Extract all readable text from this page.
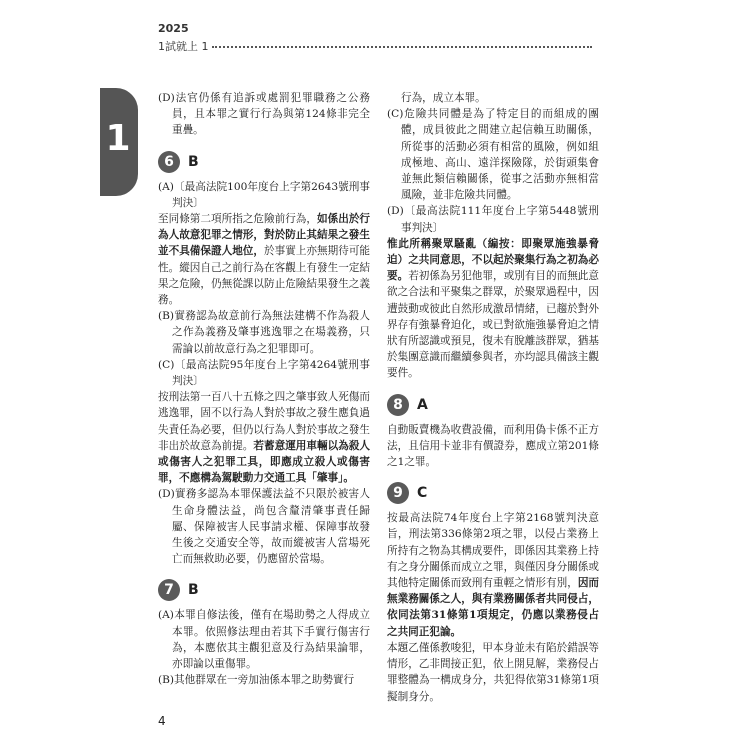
2025
1試就上 1
1

(D)法官仍係有追訴或處罰犯罪職務之公務員，且本罪之實行行為與第124條非完全重疊。

6	B

(A)〔最高法院100年度台上字第2643號刑事判決〕

至同條第二項所指之危險前行為，如係出於行為人故意犯罪之情形，對於防止其結果之發生並不具備保證人地位，於事實上亦無期待可能性。縱因自己之前行為在客觀上有發生一定結果之危險，仍無從課以防止危險結果發生之義務。

(B)實務認為故意前行為無法建構不作為殺人之作為義務及肇事逃逸罪之在場義務，只需論以前故意行為之犯罪即可。

(C)〔最高法院95年度台上字第4264號刑事判決〕

按刑法第一百八十五條之四之肇事致人死傷而逃逸罪，固不以行為人對於事故之發生應負過失責任為必要，但仍以行為人對於事故之發生非出於故意為前提。若蓄意運用車輛以為殺人或傷害人之犯罪工具，即應成立殺人或傷害罪，不應構為駕駛動力交通工具「肇事」。

(D)實務多認為本罪保護法益不只限於被害人生命身體法益，尚包含釐清肇事責任歸屬、保障被害人民事請求權、保障事故發生後之交通安全等，故而縱被害人當場死亡而無救助必要，仍應留於當場。

7	B

(A)本罪自修法後，僅有在場助勢之人得成立本罪。依照修法理由若其下手實行傷害行為，本應依其主觀犯意及行為結果論罪，亦即論以重傷罪。

(B)其他群眾在一旁加油係本罪之助勢實行

行為，成立本罪。

(C)危險共同體是為了特定目的而組成的團體，成員彼此之間建立起信賴互助關係，所從事的活動必須有相當的風險，例如組成極地、高山、遠洋探險隊，於街頭集會並無此類信賴關係，從事之活動亦無相當風險，並非危險共同體。

(D)〔最高法院111年度台上字第5448號刑事判決〕

惟此所稱聚眾騷亂（編按：即聚眾施強暴脅迫）之共同意思，不以起於聚集行為之初為必要。若初係為另犯他罪，或別有目的而無此意欲之合法和平聚集之群眾，於聚眾過程中，因遭鼓動或彼此自然形成激昂情緒，已趨於對外界存有強暴脅迫化，或已對欲施強暴脅迫之情狀有所認識或預見，復未有脫離該群眾，猶基於集團意識而繼續參與者，亦均認具備該主觀要件。

8	A

自動販賣機為收費設備，而利用偽卡係不正方法，且信用卡並非有價證券，應成立第201條之1之罪。

9	C

按最高法院74年度台上字第2168號判決意旨，刑法第336條第2項之罪，以侵占業務上所持有之物為其構成要件，即係因其業務上持有之身分關係而成立之罪，與僅因身分關係或其他特定關係而致刑有重輕之情形有別，因而無業務關係之人，與有業務關係者共同侵占，依同法第31條第1項規定，仍應以業務侵占之共同正犯論。

本題乙僅係教唆犯，甲本身並未有陷於錯誤等情形，乙非間接正犯，依上開見解，業務侵占罪整體為一構成身分，共犯得依第31條第1項擬制身分。

4
